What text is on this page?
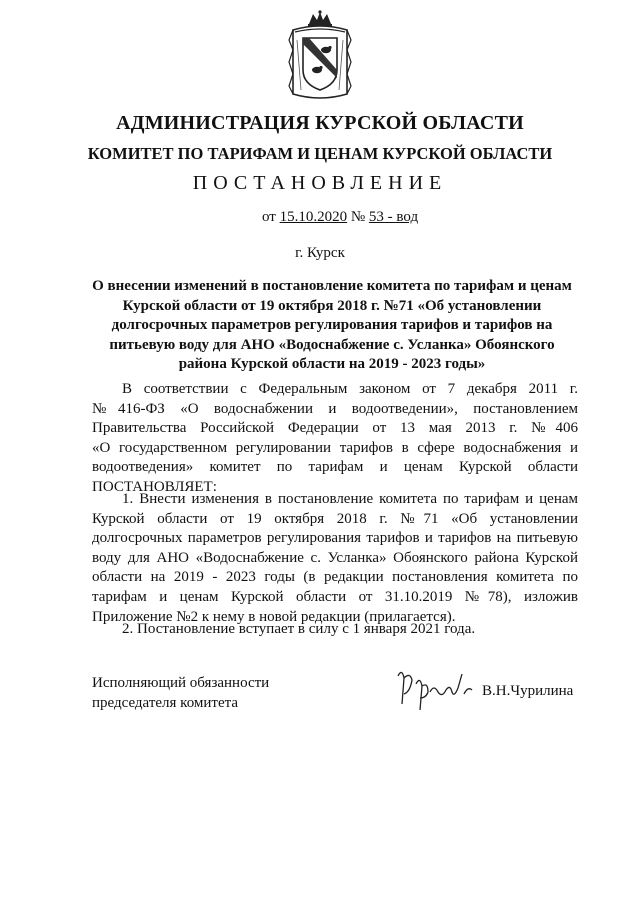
АДМИНИСТРАЦИЯ КУРСКОЙ ОБЛАСТИ
КОМИТЕТ ПО ТАРИФАМ И ЦЕНАМ КУРСКОЙ ОБЛАСТИ
ПОСТАНОВЛЕНИЕ
от 15.10.2020 № 53 - вод
г. Курск
О внесении изменений в постановление комитета по тарифам и ценам
Курской области от 19 октября 2018 г. №71 «Об установлении
долгосрочных параметров регулирования тарифов и тарифов на
питьевую воду для АНО «Водоснабжение с. Усланка» Обоянского
района Курской области на 2019 - 2023 годы»
В соответствии с Федеральным законом от 7 декабря 2011 г.
№416-ФЗ «О водоснабжении и водоотведении», постановлением
Правительства Российской Федерации от 13 мая 2013 г. №406
«О государственном регулировании тарифов в сфере водоснабжения и
водоотведения» комитет по тарифам и ценам Курской области
ПОСТАНОВЛЯЕТ:
1. Внести изменения в постановление комитета по тарифам и ценам
Курской области от 19 октября 2018 г. №71 «Об установлении
долгосрочных параметров регулирования тарифов и тарифов на питьевую
воду для АНО «Водоснабжение с. Усланка» Обоянского района Курской
области на 2019 - 2023 годы (в редакции постановления комитета по
тарифам и ценам Курской области от 31.10.2019 №78), изложив
Приложение №2 к нему в новой редакции (прилагается).
2. Постановление вступает в силу с 1 января 2021 года.
Исполняющий обязанности
председателя комитета
В.Н.Чурилина
